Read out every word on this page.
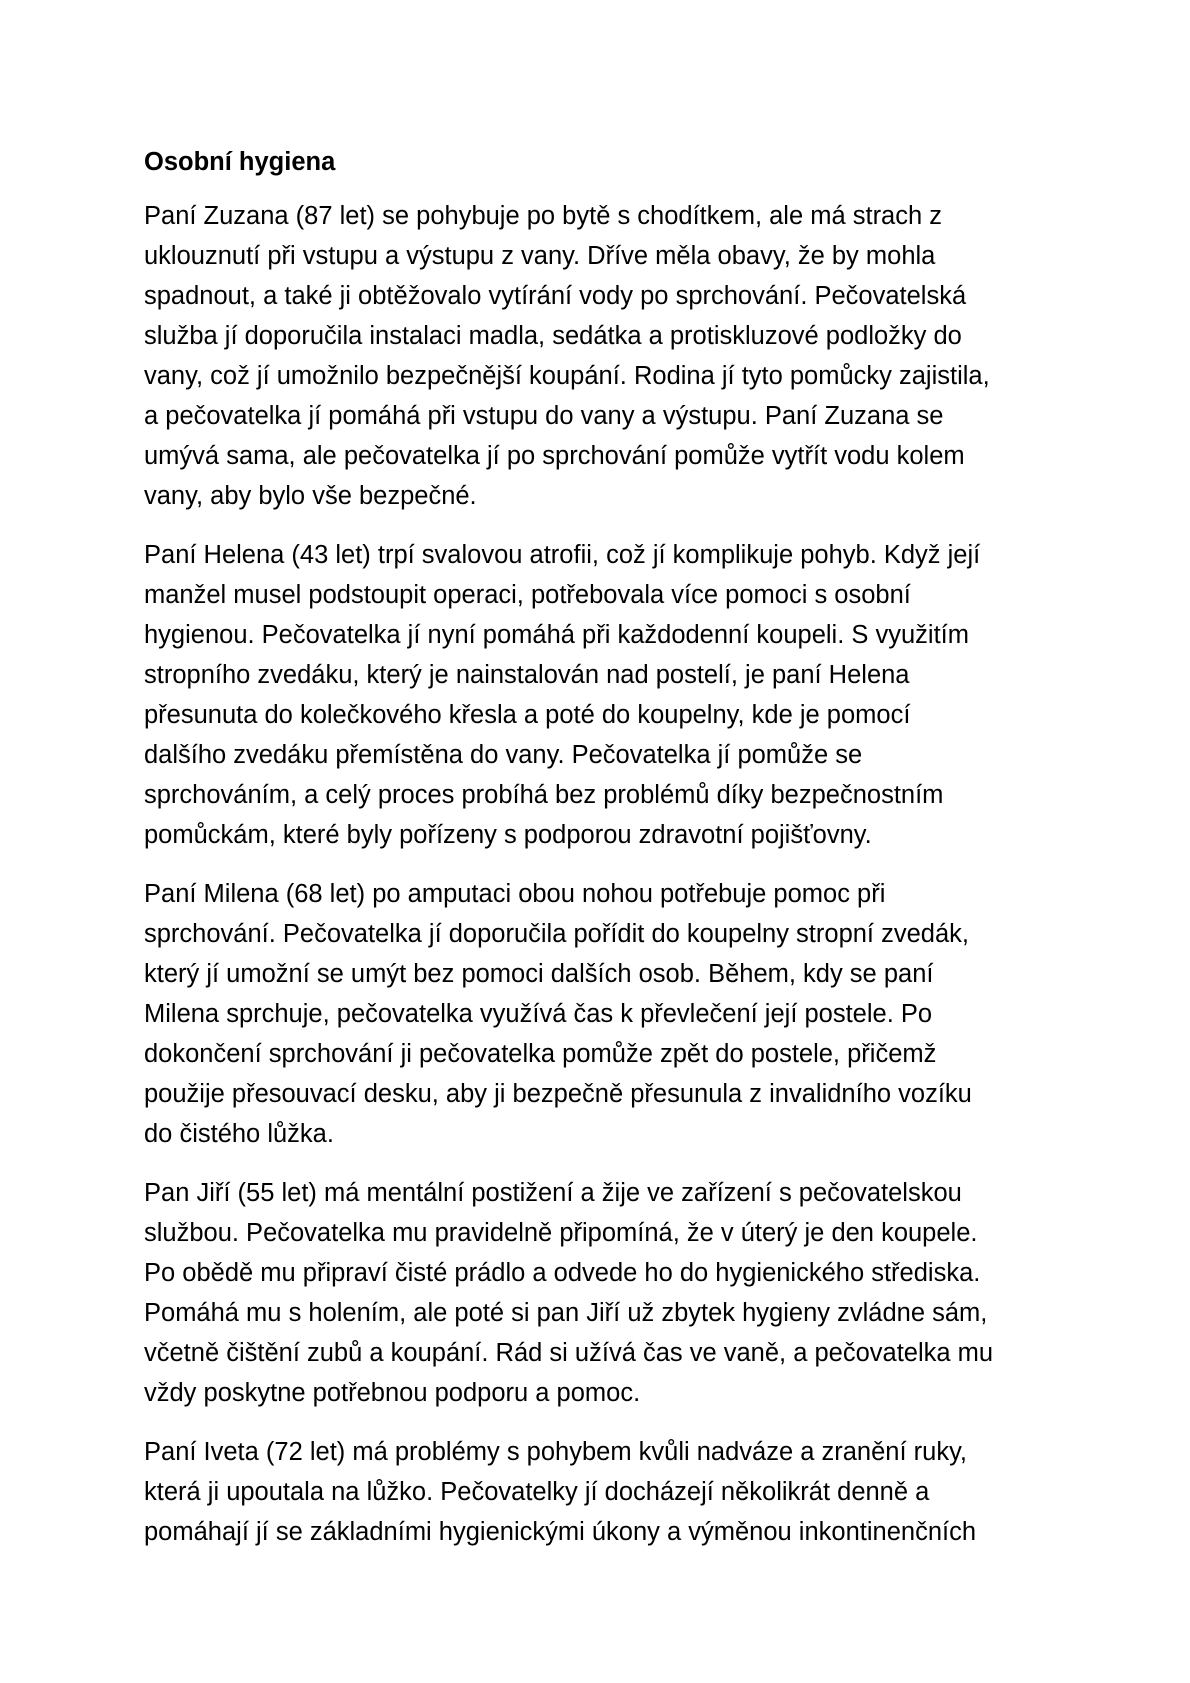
Osobní hygiena

Paní Zuzana (87 let) se pohybuje po bytě s chodítkem, ale má strach z
uklouznutí při vstupu a výstupu z vany. Dříve měla obavy, že by mohla
spadnout, a také ji obtěžovalo vytírání vody po sprchování. Pečovatelská
služba jí doporučila instalaci madla, sedátka a protiskluzové podložky do
vany, což jí umožnilo bezpečnější koupání. Rodina jí tyto pomůcky zajistila,
a pečovatelka jí pomáhá při vstupu do vany a výstupu. Paní Zuzana se
umývá sama, ale pečovatelka jí po sprchování pomůže vytřít vodu kolem
vany, aby bylo vše bezpečné.

Paní Helena (43 let) trpí svalovou atrofii, což jí komplikuje pohyb. Když její
manžel musel podstoupit operaci, potřebovala více pomoci s osobní
hygienou. Pečovatelka jí nyní pomáhá při každodenní koupeli. S využitím
stropního zvedáku, který je nainstalován nad postelí, je paní Helena
přesunuta do kolečkového křesla a poté do koupelny, kde je pomocí
dalšího zvedáku přemístěna do vany. Pečovatelka jí pomůže se
sprchováním, a celý proces probíhá bez problémů díky bezpečnostním
pomůckám, které byly pořízeny s podporou zdravotní pojišťovny.

Paní Milena (68 let) po amputaci obou nohou potřebuje pomoc při
sprchování. Pečovatelka jí doporučila pořídit do koupelny stropní zvedák,
který jí umožní se umýt bez pomoci dalších osob. Během, kdy se paní
Milena sprchuje, pečovatelka využívá čas k převlečení její postele. Po
dokončení sprchování ji pečovatelka pomůže zpět do postele, přičemž
použije přesouvací desku, aby ji bezpečně přesunula z invalidního vozíku
do čistého lůžka.

Pan Jiří (55 let) má mentální postižení a žije ve zařízení s pečovatelskou
službou. Pečovatelka mu pravidelně připomíná, že v úterý je den koupele.
Po obědě mu připraví čisté prádlo a odvede ho do hygienického střediska.
Pomáhá mu s holením, ale poté si pan Jiří už zbytek hygieny zvládne sám,
včetně čištění zubů a koupání. Rád si užívá čas ve vaně, a pečovatelka mu
vždy poskytne potřebnou podporu a pomoc.

Paní Iveta (72 let) má problémy s pohybem kvůli nadváze a zranění ruky,
která ji upoutala na lůžko. Pečovatelky jí docházejí několikrát denně a
pomáhají jí se základními hygienickými úkony a výměnou inkontinenčních
